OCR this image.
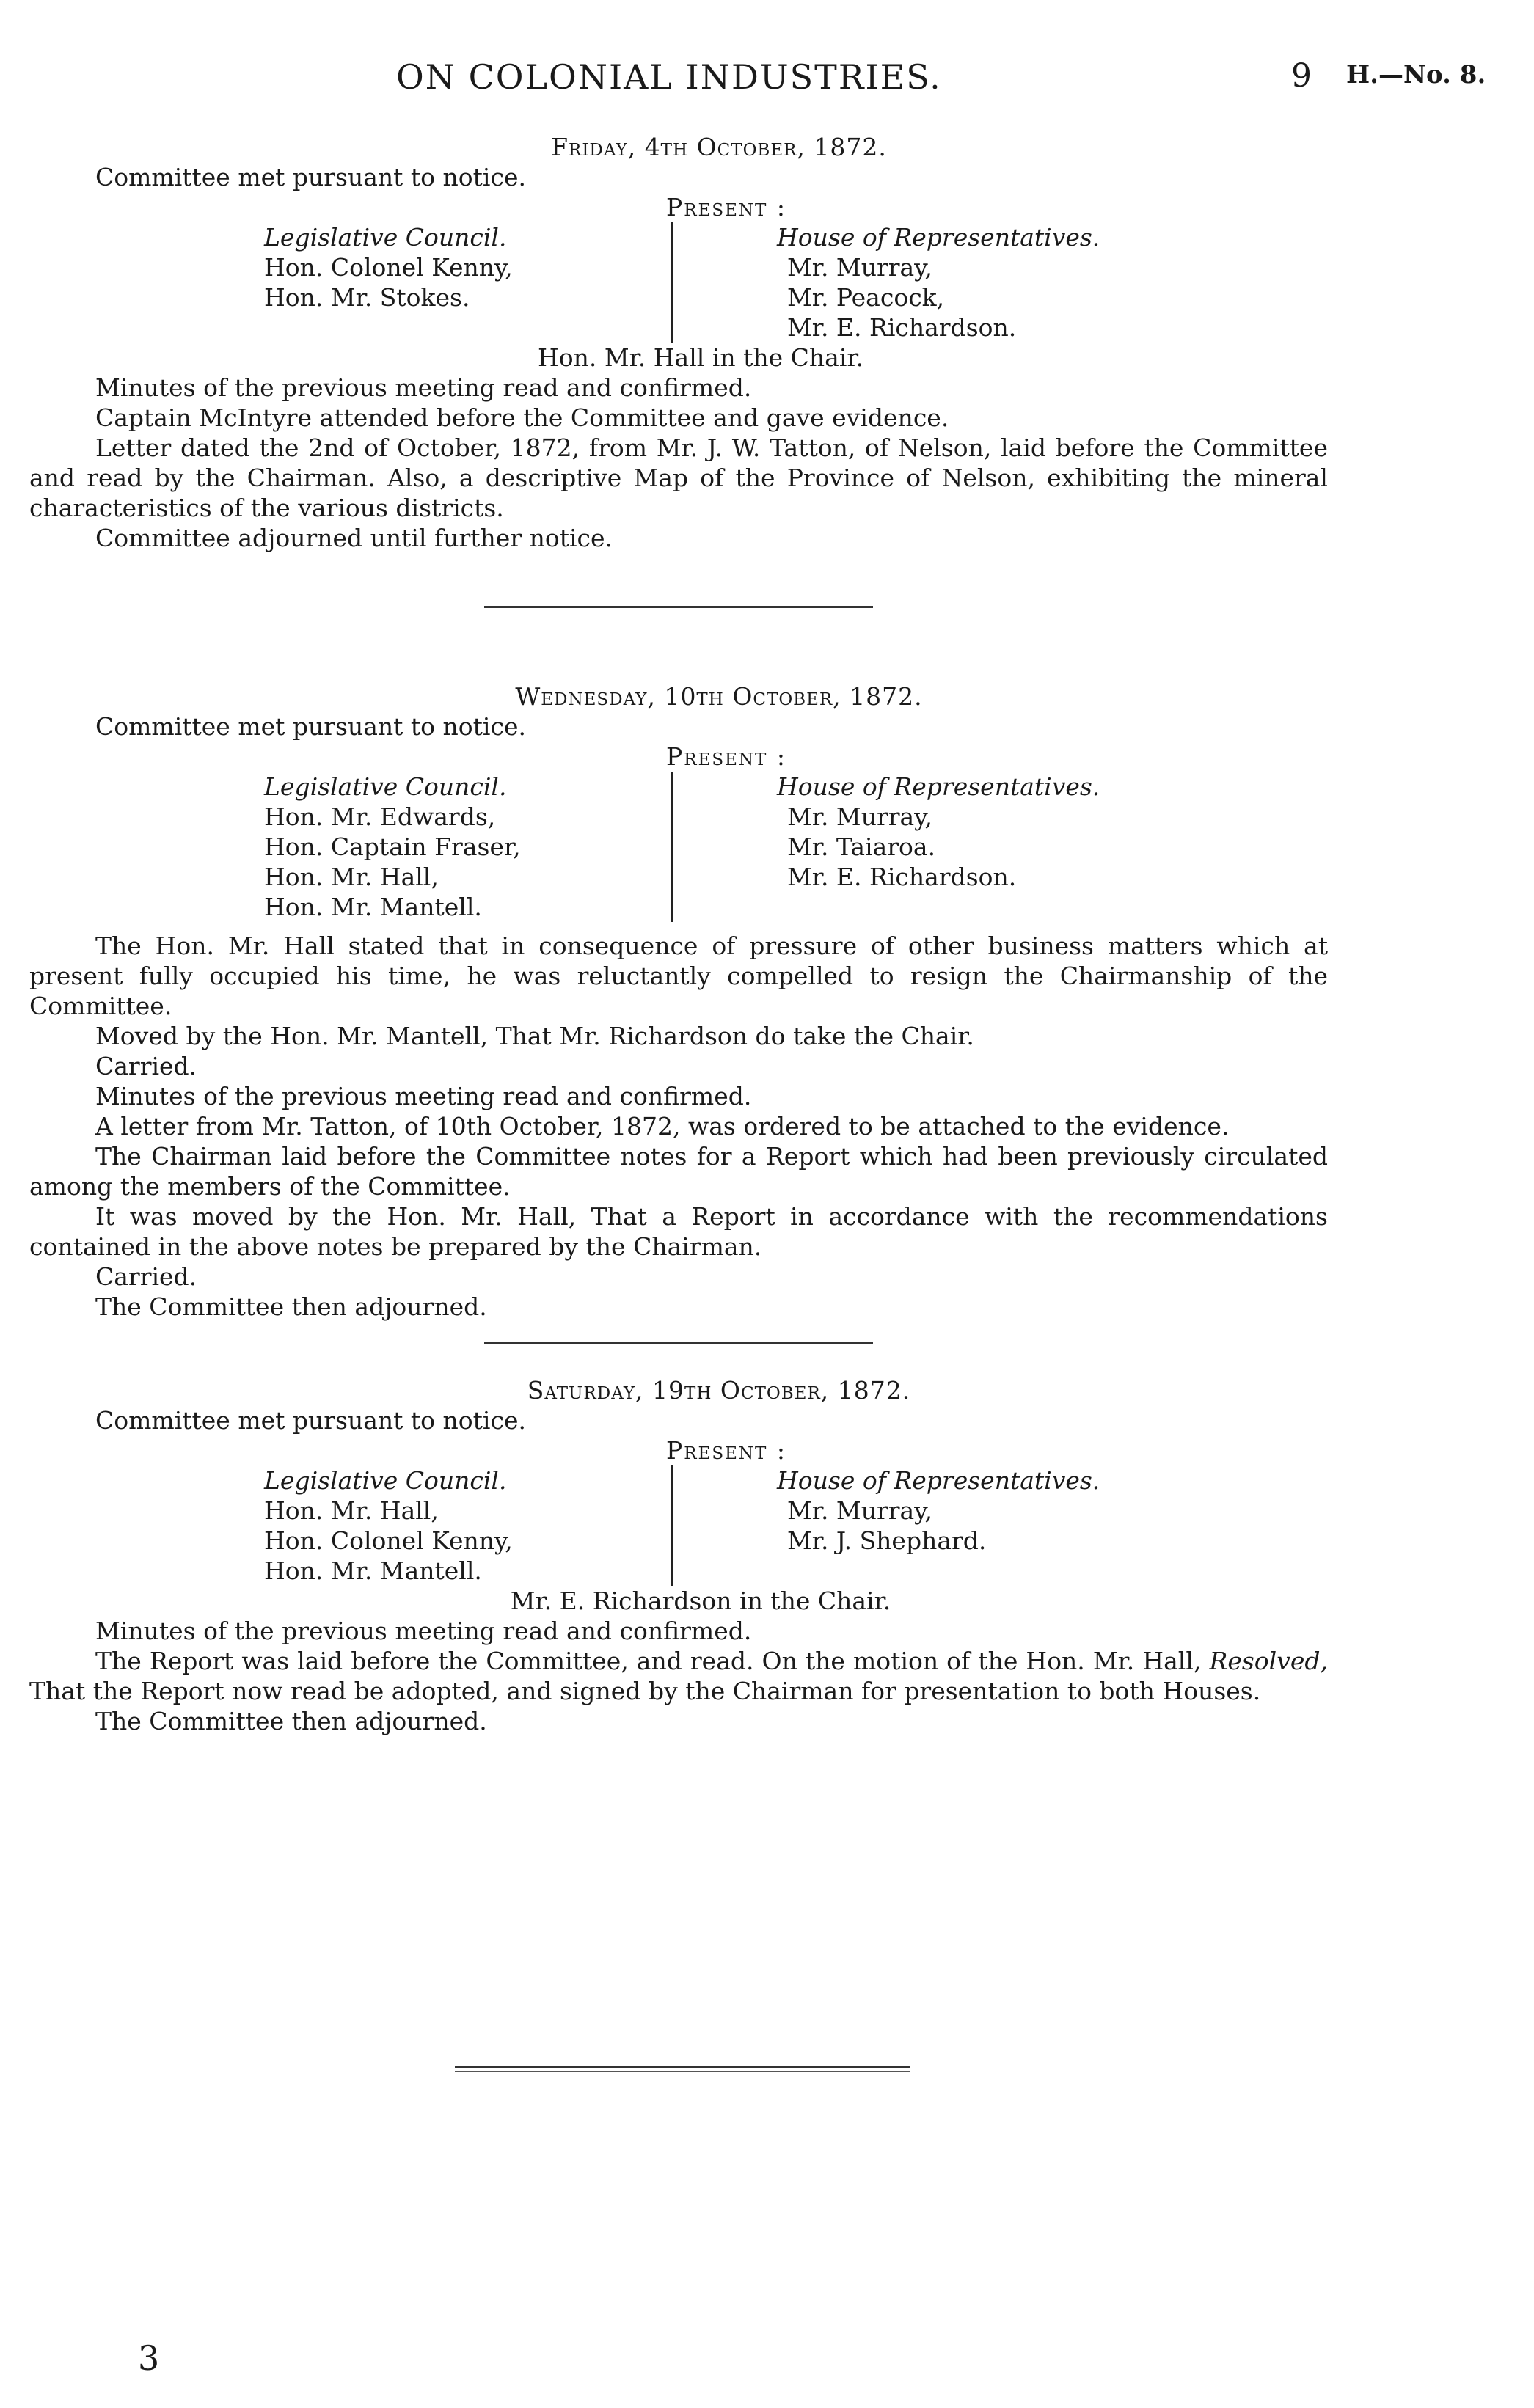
ON COLONIAL INDUSTRIES.	9 H.—No. 8.
Friday, 4th October, 1872.

Committee met pursuant to notice.

Present :
Legislative Council.
Hon. Colonel Kenny,
Hon. Mr. Stokes.
House of Representatives.
Mr. Murray,
Mr. Peacock,
Mr. E. Richardson.
Hon. Mr. Hall in the Chair.

Minutes of the previous meeting read and confirmed.

Captain McIntyre attended before the Committee and gave evidence.

Letter dated the 2nd of October, 1872, from Mr. J. W. Tatton, of Nelson, laid before the Committee and read by the Chairman. Also, a descriptive Map of the Province of Nelson, exhibiting the mineral characteristics of the various districts.

Committee adjourned until further notice.

Wednesday, 10th October, 1872.

Committee met pursuant to notice.

Present :
Legislative Council.
Hon. Mr. Edwards,
Hon. Captain Fraser,
Hon. Mr. Hall,
Hon. Mr. Mantell.
House of Representatives.
Mr. Murray,
Mr. Taiaroa.
Mr. E. Richardson.

The Hon. Mr. Hall stated that in consequence of pressure of other business matters which at present fully occupied his time, he was reluctantly compelled to resign the Chairmanship of the Committee.

Moved by the Hon. Mr. Mantell, That Mr. Richardson do take the Chair.

Carried.

Minutes of the previous meeting read and confirmed.

A letter from Mr. Tatton, of 10th October, 1872, was ordered to be attached to the evidence.

The Chairman laid before the Committee notes for a Report which had been previously circulated among the members of the Committee.

It was moved by the Hon. Mr. Hall, That a Report in accordance with the recommendations contained in the above notes be prepared by the Chairman.

Carried.

The Committee then adjourned.

Saturday, 19th October, 1872.

Committee met pursuant to notice.

Present :
Legislative Council.
Hon. Mr. Hall,
Hon. Colonel Kenny,
Hon. Mr. Mantell.
House of Representatives.
Mr. Murray,
Mr. J. Shephard.
Mr. E. Richardson in the Chair.

Minutes of the previous meeting read and confirmed.

The Report was laid before the Committee, and read. On the motion of the Hon. Mr. Hall, Resolved, That the Report now read be adopted, and signed by the Chairman for presentation to both Houses.

The Committee then adjourned.

3
